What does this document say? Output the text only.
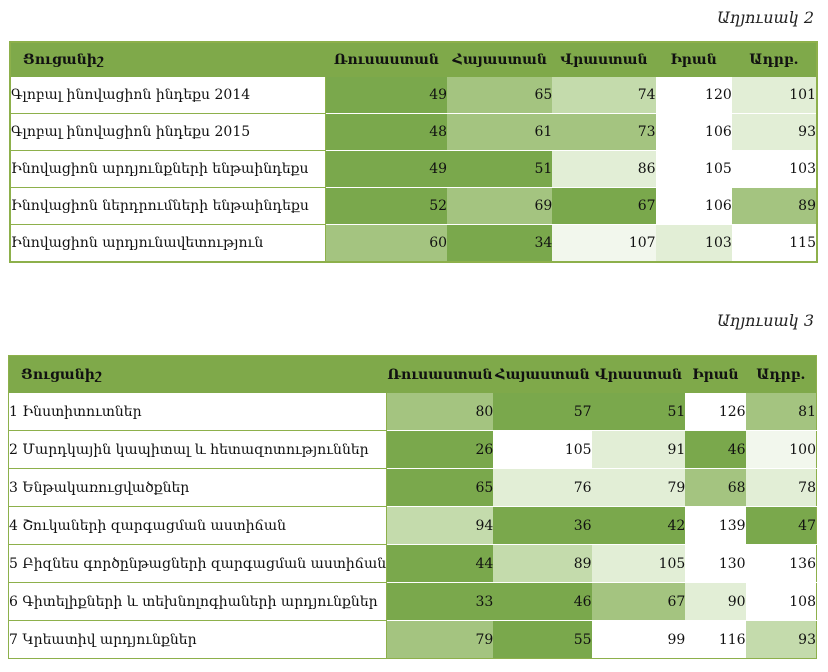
Աղյուսակ 2
Ցուցանիշ	Ռուսաստան	Հայաստան	Վրաստան	Իրան	Ադրբ.
Գլոբալ ինովացիոն ինդեքս 2014	49	65	74	120	101
Գլոբալ ինովացիոն ինդեքս 2015	48	61	73	106	93
Ինովացիոն արդյունքների ենթաինդեքս	49	51	86	105	103
Ինովացիոն ներդրումների ենթաինդեքս	52	69	67	106	89
Ինովացիոն արդյունավետություն	60	34	107	103	115
Աղյուսակ 3
Ցուցանիշ	Ռուսաստան	Հայաստան	Վրաստան	Իրան	Ադրբ.
1 Ինստիտուտներ	80	57	51	126	81
2 Մարդկային կապիտալ և հետազոտություններ	26	105	91	46	100
3 Ենթակառուցվածքներ	65	76	79	68	78
4 Շուկաների զարգացման աստիճան	94	36	42	139	47
5 Բիզնես գործընթացների զարգացման աստիճան	44	89	105	130	136
6 Գիտելիքների և տեխնոլոգիաների արդյունքներ	33	46	67	90	108
7 Կրեատիվ արդյունքներ	79	55	99	116	93
